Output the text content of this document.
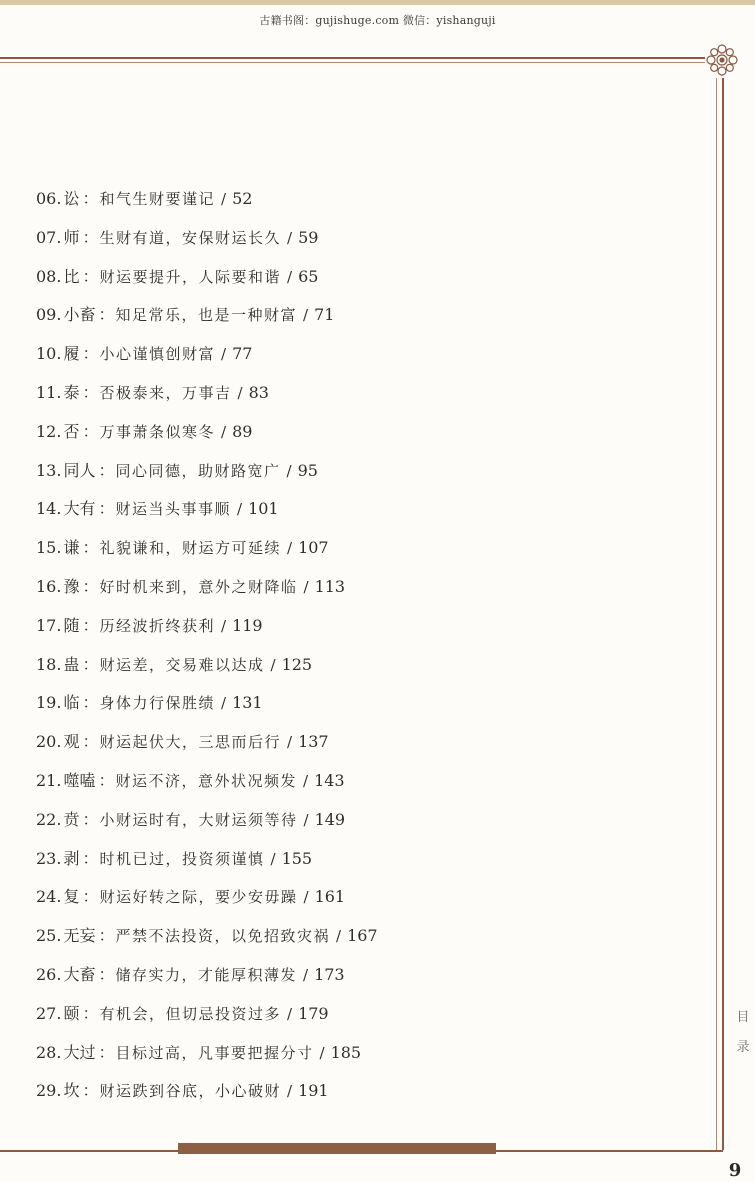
古籍书阁：gujishuge.com 微信：yishanguji
06. 讼 ：和气生财要谨记 / 52
07. 师 ：生财有道，安保财运长久 / 59
08. 比 ：财运要提升，人际要和谐 / 65
09. 小畜 ：知足常乐，也是一种财富 / 71
10. 履 ：小心谨慎创财富 / 77
11. 泰 ：否极泰来，万事吉 / 83
12. 否 ：万事萧条似寒冬 / 89
13. 同人 ：同心同德，助财路宽广 / 95
14. 大有 ：财运当头事事顺 / 101
15. 谦 ：礼貌谦和，财运方可延续 / 107
16. 豫 ：好时机来到，意外之财降临 / 113
17. 随 ：历经波折终获利 / 119
18. 蛊 ：财运差，交易难以达成 / 125
19. 临 ：身体力行保胜绩 / 131
20. 观 ：财运起伏大，三思而后行 / 137
21. 噬嗑 ：财运不济，意外状况频发 / 143
22. 贲 ：小财运时有，大财运须等待 / 149
23. 剥 ：时机已过，投资须谨慎 / 155
24. 复 ：财运好转之际，要少安毋躁 / 161
25. 无妄 ：严禁不法投资，以免招致灾祸 / 167
26. 大畜 ：储存实力，才能厚积薄发 / 173
27. 颐 ：有机会，但切忌投资过多 / 179
28. 大过 ：目标过高，凡事要把握分寸 / 185
29. 坎 ：财运跌到谷底，小心破财 / 191
目
录
9
